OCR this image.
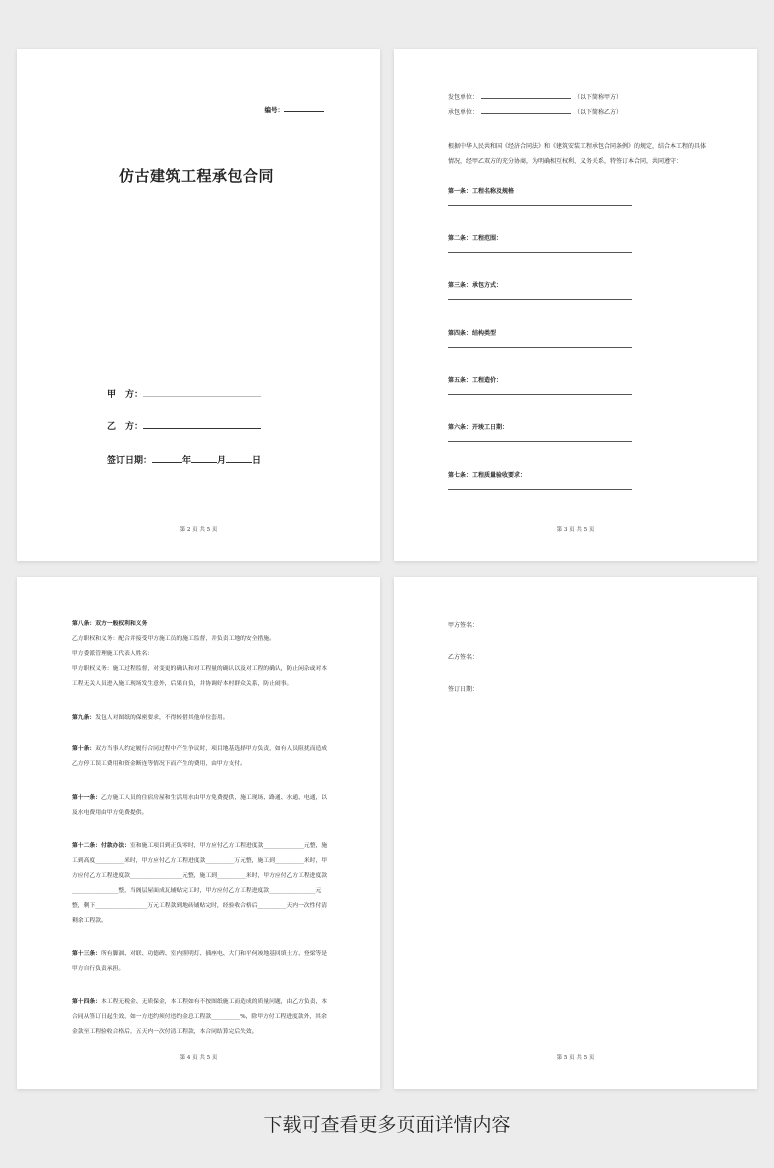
编号：
仿古建筑工程承包合同
甲　方：
乙　方：
签订日期：	年	月	日
第 2 页 共 5 页
发包单位：	（以下简称甲方）
承包单位：	（以下简称乙方）
根据中华人民共和国《经济合同法》和《建筑安装工程承包合同条例》的规定，结合本工程的具体情况，经甲乙双方的充分协商，为明确相互权利、义务关系，特签订本合同，共同遵守：
第一条：工程名称及规格
第二条：工程范围：
第三条：承包方式：
第四条：结构类型
第五条：工程造价：
第六条：开竣工日期：
第七条：工程质量验收要求：
第 3 页 共 5 页
第八条：双方一般权利和义务
乙方职权和义务：配合并接受甲方施工员的施工监督，并负责工地的安全措施。
甲方委派管理施工代表人姓名：
甲方职权义务：施工过程监督，对变更的确认和对工程量的确认以及对工程的确认，防止闲杂或对本工程无关人员进入施工现场发生意外，后果自负，并协调好本村群众关系，防止闹事。
第九条：发包人对图纸的保密要求，不得转借其他单位套用。
第十条：双方当事人约定履行合同过程中产生争议时，项目地基选择甲方负责，如有人员阻扰而造成乙方停工误工费用和资金断连等情况下而产生的费用，由甲方支付。
第十一条：乙方施工人员的住宿房屋和生活用水由甲方免费提供，施工现场、路通、水通、电通，以及水电费用由甲方免费提供。
第十二条：付款办法：室和施工项目到正负零时，甲方应付乙方工程进度款______________元整，施工到高度__________米时，甲方应付乙方工程进度款__________万元整，施工到__________米时，甲方应付乙方工程进度款__________________元整，施工到__________米时，甲方应付乙方工程进度款________________整，当阁层屋面成瓦辅贴完工时，甲方应付乙方工程进度款________________元整，剩下__________________万元工程款到地砖铺贴完时，经验收合格后__________天内一次性付清剩余工程款。
第十三条：所有脚涸、对联、功德碑、室内照明灯、插座电、大门和平何竣地基回填土方、登梁等是甲方自行负责承担。
第十四条：本工程无税金、无质保金，本工程如有不按图纸施工而造成的质量问题，由乙方负责，本合同从签订日起生效，如一方违约须付违约金总工程款__________%，除甲方付工程进度款外，其余金款至工程验收合格后，五天内一次付清工程款，本合同结算完后失效。
第 4 页 共 5 页
甲方签名：
乙方签名：
签订日期：
第 5 页 共 5 页
下载可查看更多页面详情内容
